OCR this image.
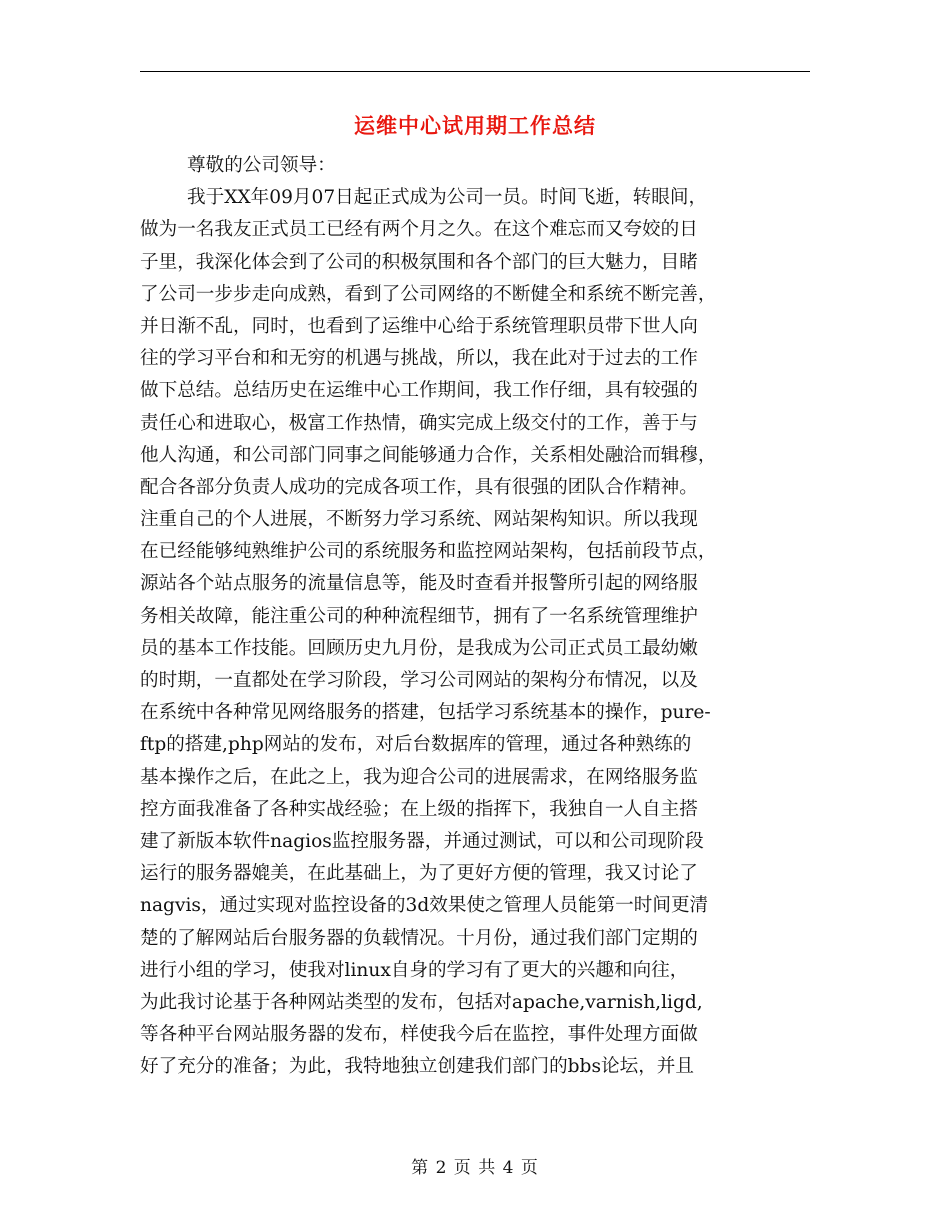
运维中心试用期工作总结
尊敬的公司领导：
我于XX年09月07日起正式成为公司一员。时间飞逝，转眼间，
做为一名我友正式员工已经有两个月之久。在这个难忘而又夸姣的日
子里，我深化体会到了公司的积极氛围和各个部门的巨大魅力，目睹
了公司一步步走向成熟，看到了公司网络的不断健全和系统不断完善，
并日渐不乱，同时，也看到了运维中心给于系统管理职员带下世人向
往的学习平台和和无穷的机遇与挑战，所以，我在此对于过去的工作
做下总结。总结历史在运维中心工作期间，我工作仔细，具有较强的
责任心和进取心，极富工作热情，确实完成上级交付的工作，善于与
他人沟通，和公司部门同事之间能够通力合作，关系相处融洽而辑穆，
配合各部分负责人成功的完成各项工作，具有很强的团队合作精神。
注重自己的个人进展，不断努力学习系统、网站架构知识。所以我现
在已经能够纯熟维护公司的系统服务和监控网站架构，包括前段节点，
源站各个站点服务的流量信息等，能及时查看并报警所引起的网络服
务相关故障，能注重公司的种种流程细节，拥有了一名系统管理维护
员的基本工作技能。回顾历史九月份，是我成为公司正式员工最幼嫩
的时期，一直都处在学习阶段，学习公司网站的架构分布情况，以及
在系统中各种常见网络服务的搭建，包括学习系统基本的操作，pure-
ftp的搭建,php网站的发布，对后台数据库的管理，通过各种熟练的
基本操作之后，在此之上，我为迎合公司的进展需求，在网络服务监
控方面我准备了各种实战经验；在上级的指挥下，我独自一人自主搭
建了新版本软件nagios监控服务器，并通过测试，可以和公司现阶段
运行的服务器媲美，在此基础上，为了更好方便的管理，我又讨论了
nagvis，通过实现对监控设备的3d效果使之管理人员能第一时间更清
楚的了解网站后台服务器的负载情况。十月份，通过我们部门定期的
进行小组的学习，使我对linux自身的学习有了更大的兴趣和向往，
为此我讨论基于各种网站类型的发布，包括对apache,varnish,ligd,
等各种平台网站服务器的发布，样使我今后在监控，事件处理方面做
好了充分的准备；为此，我特地独立创建我们部门的bbs论坛，并且
第 2 页 共 4 页
